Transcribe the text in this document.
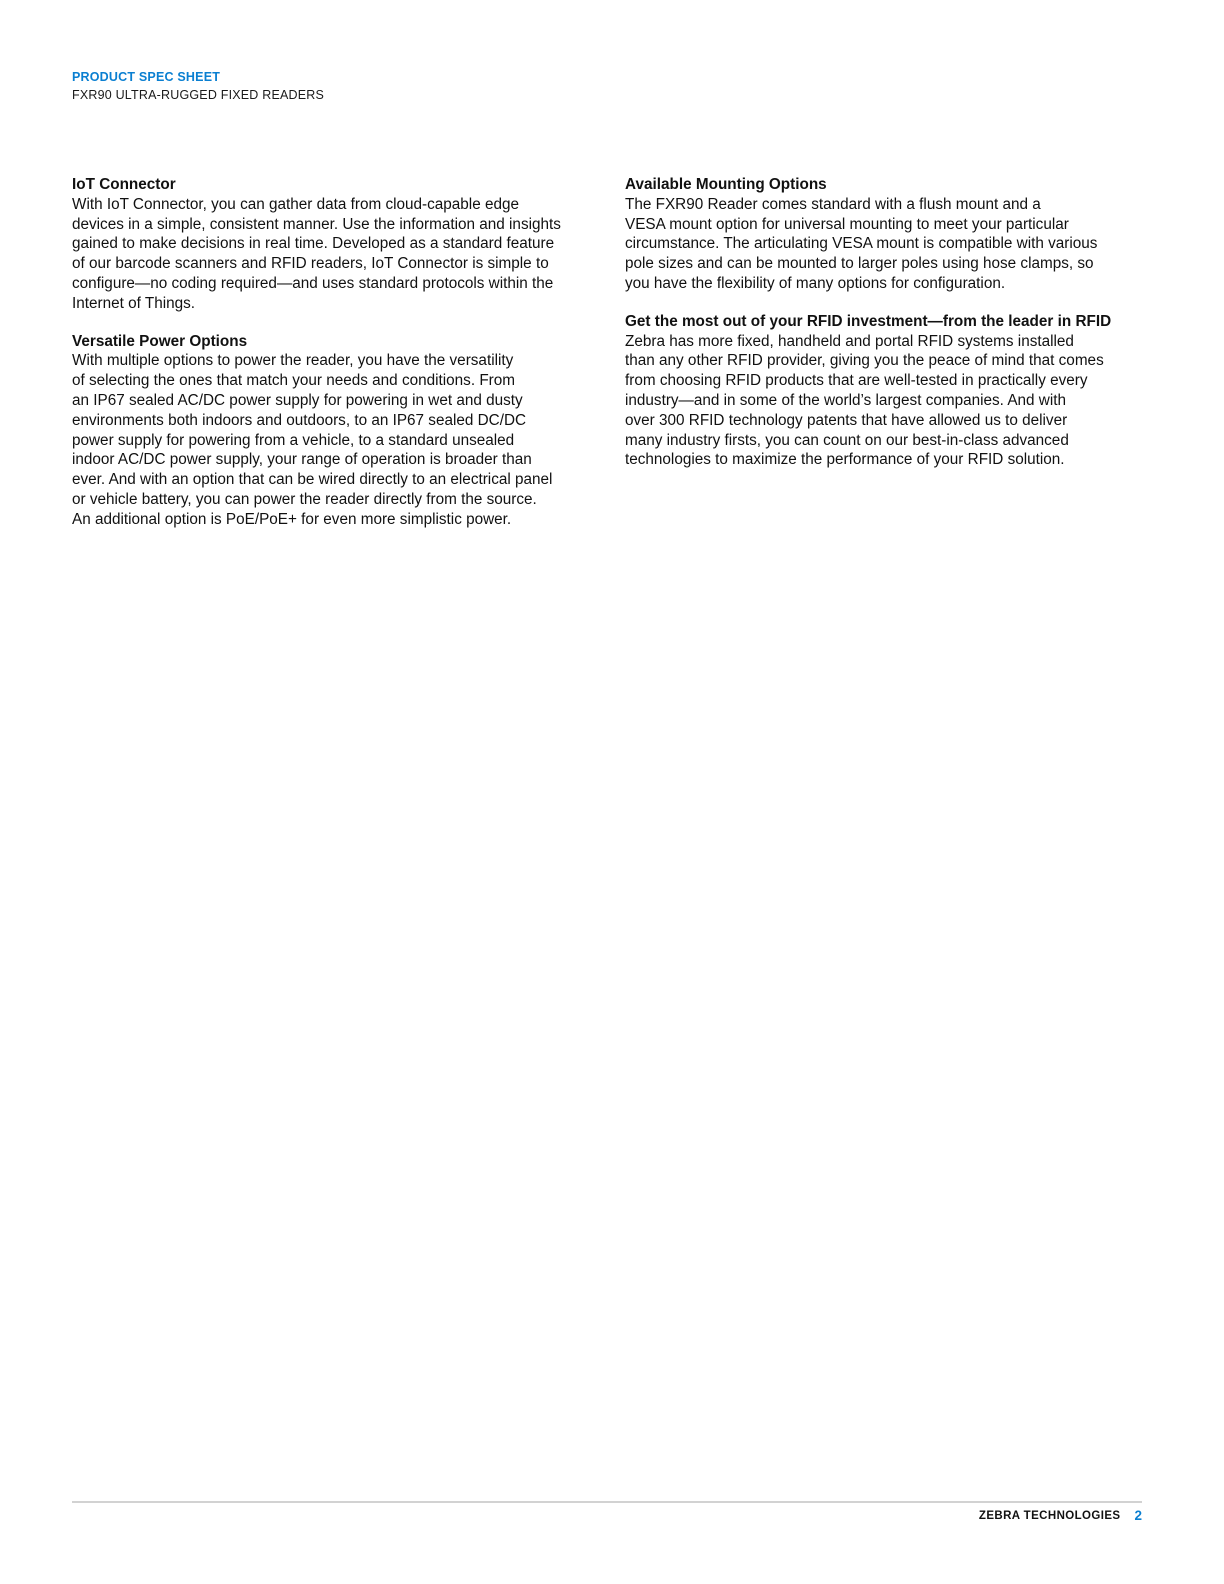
PRODUCT SPEC SHEET
FXR90 ULTRA-RUGGED FIXED READERS

IoT Connector

With IoT Connector, you can gather data from cloud-capable edge
devices in a simple, consistent manner. Use the information and insights
gained to make decisions in real time. Developed as a standard feature
of our barcode scanners and RFID readers, IoT Connector is simple to
configure—no coding required—and uses standard protocols within the
Internet of Things.

Versatile Power Options

With multiple options to power the reader, you have the versatility
of selecting the ones that match your needs and conditions. From
an IP67 sealed AC/DC power supply for powering in wet and dusty
environments both indoors and outdoors, to an IP67 sealed DC/DC
power supply for powering from a vehicle, to a standard unsealed
indoor AC/DC power supply, your range of operation is broader than
ever. And with an option that can be wired directly to an electrical panel
or vehicle battery, you can power the reader directly from the source.
An additional option is PoE/PoE+ for even more simplistic power.

Available Mounting Options

The FXR90 Reader comes standard with a flush mount and a
VESA mount option for universal mounting to meet your particular
circumstance. The articulating VESA mount is compatible with various
pole sizes and can be mounted to larger poles using hose clamps, so
you have the flexibility of many options for configuration.

Get the most out of your RFID investment—from the leader in RFID

Zebra has more fixed, handheld and portal RFID systems installed
than any other RFID provider, giving you the peace of mind that comes
from choosing RFID products that are well-tested in practically every
industry—and in some of the world’s largest companies. And with
over 300 RFID technology patents that have allowed us to deliver
many industry firsts, you can count on our best-in-class advanced
technologies to maximize the performance of your RFID solution.

ZEBRA TECHNOLOGIES 2
